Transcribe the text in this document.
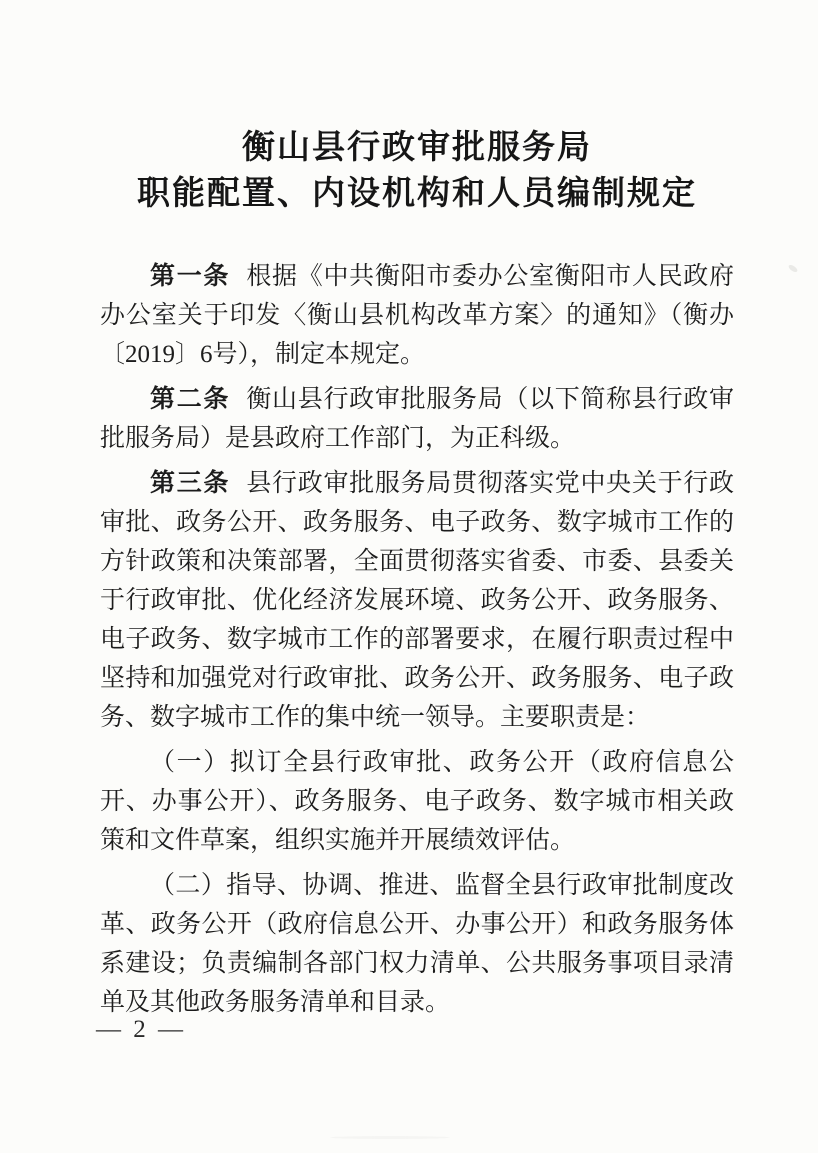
衡山县行政审批服务局
职能配置、内设机构和人员编制规定

第一条 根据《中共衡阳市委办公室衡阳市人民政府办公室关于印发〈衡山县机构改革方案〉的通知》（衡办〔2019〕6号），制定本规定。

第二条 衡山县行政审批服务局（以下简称县行政审批服务局）是县政府工作部门，为正科级。

第三条 县行政审批服务局贯彻落实党中央关于行政审批、政务公开、政务服务、电子政务、数字城市工作的方针政策和决策部署，全面贯彻落实省委、市委、县委关于行政审批、优化经济发展环境、政务公开、政务服务、电子政务、数字城市工作的部署要求，在履行职责过程中坚持和加强党对行政审批、政务公开、政务服务、电子政务、数字城市工作的集中统一领导。主要职责是：

（一）拟订全县行政审批、政务公开（政府信息公开、办事公开）、政务服务、电子政务、数字城市相关政策和文件草案，组织实施并开展绩效评估。

（二）指导、协调、推进、监督全县行政审批制度改革、政务公开（政府信息公开、办事公开）和政务服务体系建设；负责编制各部门权力清单、公共服务事项目录清单及其他政务服务清单和目录。

— 2 —
